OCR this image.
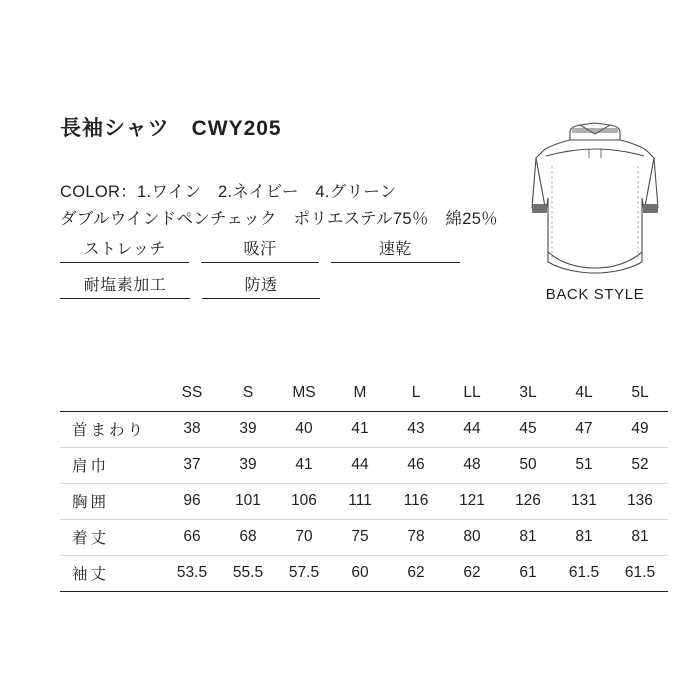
長袖シャツ　CWY205
COLOR：1.ワイン　2.ネイビー　4.グリーン
ダブルウインドペンチェック　ポリエステル75％　綿25％
ストレッチ	吸汗	速乾
耐塩素加工	防透
BACK STYLE
	SS	S	MS	M	L	LL	3L	4L	5L
首まわり	38	39	40	41	43	44	45	47	49
肩巾	37	39	41	44	46	48	50	51	52
胸囲	96	101	106	111	116	121	126	131	136
着丈	66	68	70	75	78	80	81	81	81
袖丈	53.5	55.5	57.5	60	62	62	61	61.5	61.5
